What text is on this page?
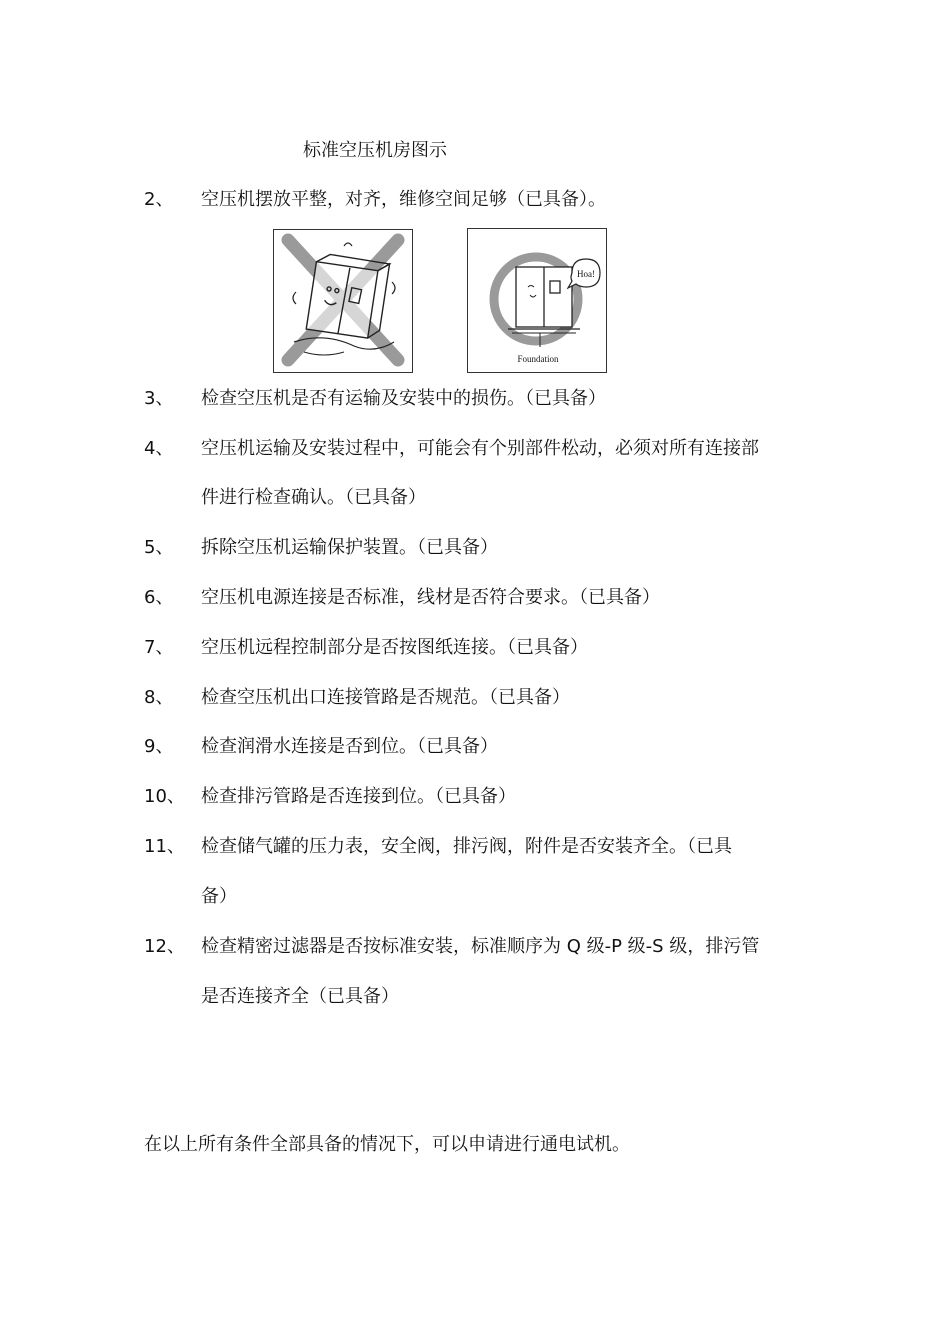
标准空压机房图示
2、 空压机摆放平整，对齐，维修空间足够（已具备）。
Hoa!
Foundation
3、 检查空压机是否有运输及安装中的损伤。（已具备）
4、 空压机运输及安装过程中，可能会有个别部件松动，必须对所有连接部
件进行检查确认。（已具备）
5、 拆除空压机运输保护装置。（已具备）
6、 空压机电源连接是否标准，线材是否符合要求。（已具备）
7、 空压机远程控制部分是否按图纸连接。（已具备）
8、 检查空压机出口连接管路是否规范。（已具备）
9、 检查润滑水连接是否到位。（已具备）
10、 检查排污管路是否连接到位。（已具备）
11、 检查储气罐的压力表，安全阀，排污阀，附件是否安装齐全。（已具
备）
12、 检查精密过滤器是否按标准安装，标准顺序为 Q 级-P 级-S 级，排污管
是否连接齐全（已具备）
在以上所有条件全部具备的情况下，可以申请进行通电试机。
